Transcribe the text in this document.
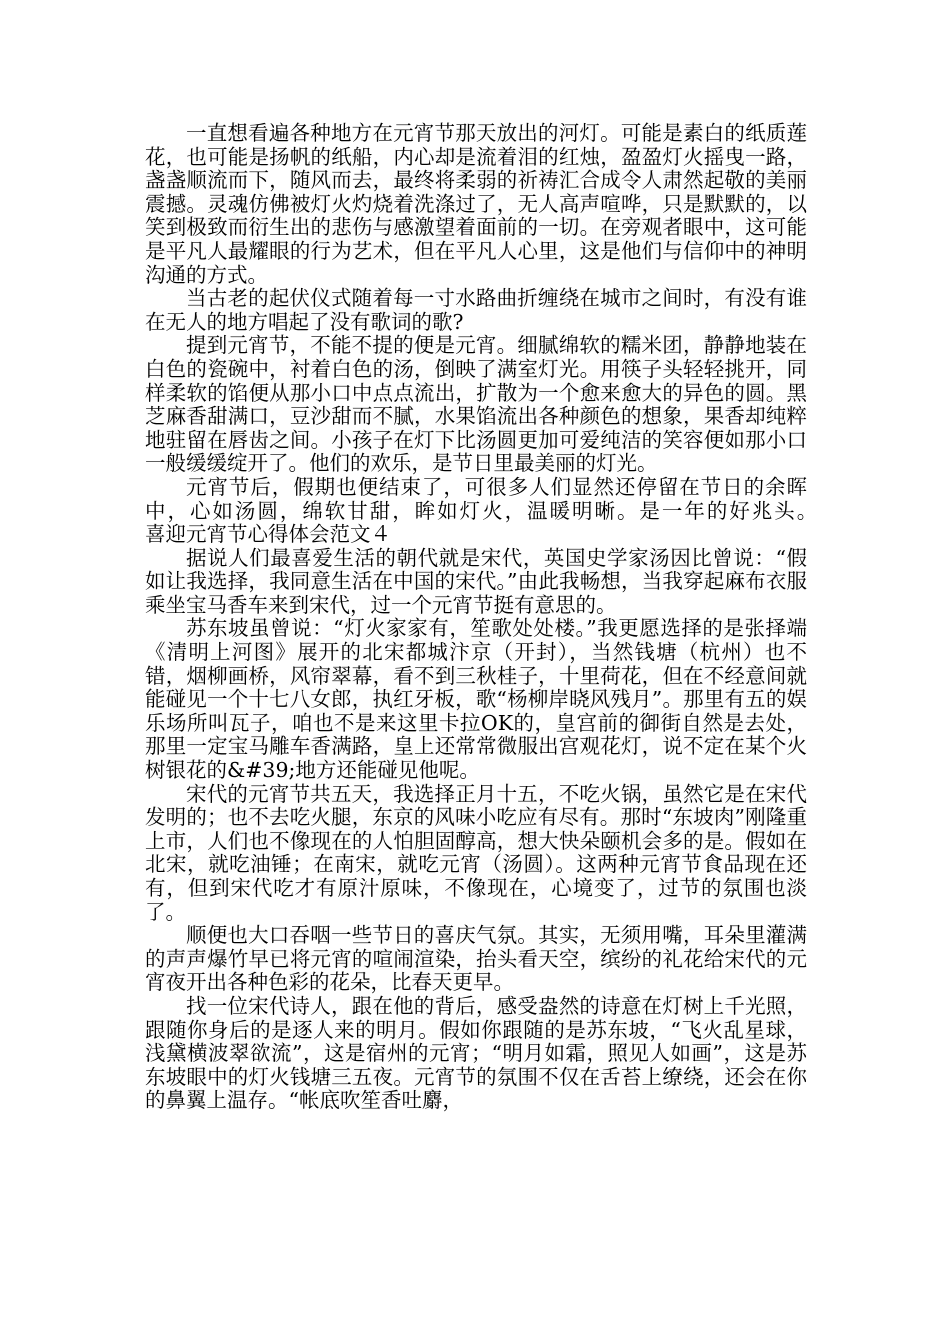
一直想看遍各种地方在元宵节那天放出的河灯。可能是素白的纸质莲花，也可能是扬帆的纸船，内心却是流着泪的红烛，盈盈灯火摇曳一路，盏盏顺流而下，随风而去，最终将柔弱的祈祷汇合成令人肃然起敬的美丽震撼。灵魂仿佛被灯火灼烧着洗涤过了，无人高声喧哗，只是默默的，以笑到极致而衍生出的悲伤与感激望着面前的一切。在旁观者眼中，这可能是平凡人最耀眼的行为艺术，但在平凡人心里，这是他们与信仰中的神明沟通的方式。

当古老的起伏仪式随着每一寸水路曲折缠绕在城市之间时，有没有谁在无人的地方唱起了没有歌词的歌?

提到元宵节，不能不提的便是元宵。细腻绵软的糯米团，静静地装在白色的瓷碗中，衬着白色的汤，倒映了满室灯光。用筷子头轻轻挑开，同样柔软的馅便从那小口中点点流出，扩散为一个愈来愈大的异色的圆。黑芝麻香甜满口，豆沙甜而不腻，水果馅流出各种颜色的想象，果香却纯粹地驻留在唇齿之间。小孩子在灯下比汤圆更加可爱纯洁的笑容便如那小口一般缓缓绽开了。他们的欢乐，是节日里最美丽的灯光。

元宵节后，假期也便结束了，可很多人们显然还停留在节日的余晖中，心如汤圆，绵软甘甜，眸如灯火，温暖明晰。是一年的好兆头。　　喜迎元宵节心得体会范文４

据说人们最喜爱生活的朝代就是宋代，英国史学家汤因比曾说：“假如让我选择，我同意生活在中国的宋代。”由此我畅想，当我穿起麻布衣服乘坐宝马香车来到宋代，过一个元宵节挺有意思的。

苏东坡虽曾说：“灯火家家有，笙歌处处楼。”我更愿选择的是张择端《清明上河图》展开的北宋都城汴京（开封），当然钱塘（杭州）也不错，烟柳画桥，风帘翠幕，看不到三秋桂子，十里荷花，但在不经意间就能碰见一个十七八女郎，执红牙板，歌“杨柳岸晓风残月”。那里有五的娱乐场所叫瓦子，咱也不是来这里卡拉OK的，皇宫前的御街自然是去处，那里一定宝马雕车香满路，皇上还常常微服出宫观花灯，说不定在某个火树银花的&#39;地方还能碰见他呢。

宋代的元宵节共五天，我选择正月十五，不吃火锅，虽然它是在宋代发明的；也不去吃火腿，东京的风味小吃应有尽有。那时“东坡肉”刚隆重上市，人们也不像现在的人怕胆固醇高，想大快朵颐机会多的是。假如在北宋，就吃油锤；在南宋，就吃元宵（汤圆）。这两种元宵节食品现在还有，但到宋代吃才有原汁原味，不像现在，心境变了，过节的氛围也淡了。

顺便也大口吞咽一些节日的喜庆气氛。其实，无须用嘴，耳朵里灌满的声声爆竹早已将元宵的喧闹渲染，抬头看天空，缤纷的礼花给宋代的元宵夜开出各种色彩的花朵，比春天更早。

找一位宋代诗人，跟在他的背后，感受盎然的诗意在灯树上千光照，跟随你身后的是逐人来的明月。假如你跟随的是苏东坡，“飞火乱星球，浅黛横波翠欲流”，这是宿州的元宵；“明月如霜，照见人如画”，这是苏东坡眼中的灯火钱塘三五夜。元宵节的氛围不仅在舌苔上缭绕，还会在你的鼻翼上温存。“帐底吹笙香吐麝，
